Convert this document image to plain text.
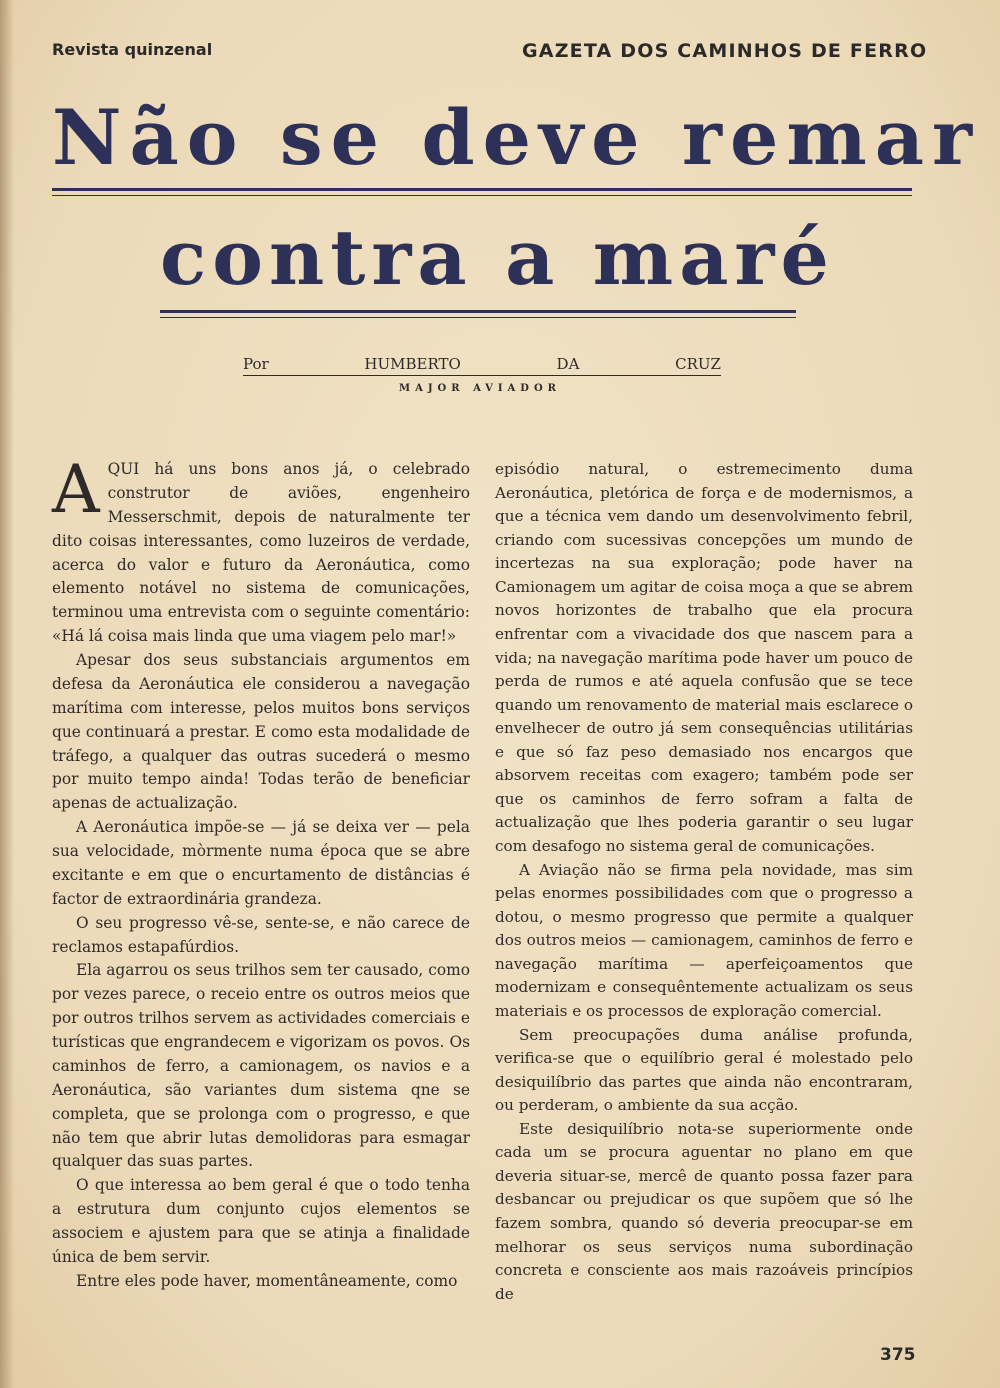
Revista quinzenal	GAZETA DOS CAMINHOS DE FERRO
Não se deve remar
contra a maré
Por	HUMBERTO	DA	CRUZ
MAJOR AVIADOR

AQUI há uns bons anos já, o celebrado construtor de aviões, engenheiro Messerschmit, depois de naturalmente ter dito coisas interessantes, como luzeiros de verdade, acerca do valor e futuro da Aeronáutica, como elemento notável no sistema de comunicações, terminou uma entrevista com o seguinte comentário: «Há lá coisa mais linda que uma viagem pelo mar!»

Apesar dos seus substanciais argumentos em defesa da Aeronáutica ele considerou a navegação marítima com interesse, pelos muitos bons serviços que continuará a prestar. E como esta modalidade de tráfego, a qualquer das outras sucederá o mesmo por muito tempo ainda! Todas terão de beneficiar apenas de actualização.

A Aeronáutica impõe-se — já se deixa ver — pela sua velocidade, mòrmente numa época que se abre excitante e em que o encurtamento de distâncias é factor de extraordinária grandeza.

O seu progresso vê-se, sente-se, e não carece de reclamos estapafúrdios.

Ela agarrou os seus trilhos sem ter causado, como por vezes parece, o receio entre os outros meios que por outros trilhos servem as actividades comerciais e turísticas que engrandecem e vigorizam os povos. Os caminhos de ferro, a camionagem, os navios e a Aeronáutica, são variantes dum sistema qne se completa, que se prolonga com o progresso, e que não tem que abrir lutas demolidoras para esmagar qualquer das suas partes.

O que interessa ao bem geral é que o todo tenha a estrutura dum conjunto cujos elementos se associem e ajustem para que se atinja a finalidade única de bem servir.

Entre eles pode haver, momentâneamente, como

episódio natural, o estremecimento duma Aeronáutica, pletórica de força e de modernismos, a que a técnica vem dando um desenvolvimento febril, criando com sucessivas concepções um mundo de incertezas na sua exploração; pode haver na Camionagem um agitar de coisa moça a que se abrem novos horizontes de trabalho que ela procura enfrentar com a vivacidade dos que nascem para a vida; na navegação marítima pode haver um pouco de perda de rumos e até aquela confusão que se tece quando um renovamento de material mais esclarece o envelhecer de outro já sem consequências utilitárias e que só faz peso demasiado nos encargos que absorvem receitas com exagero; também pode ser que os caminhos de ferro sofram a falta de actualização que lhes poderia garantir o seu lugar com desafogo no sistema geral de comunicações.

A Aviação não se firma pela novidade, mas sim pelas enormes possibilidades com que o progresso a dotou, o mesmo progresso que permite a qualquer dos outros meios — camionagem, caminhos de ferro e navegação marítima — aperfeiçoamentos que modernizam e consequêntemente actualizam os seus materiais e os processos de exploração comercial.

Sem preocupações duma análise profunda, verifica-se que o equilíbrio geral é molestado pelo desiquilíbrio das partes que ainda não encontraram, ou perderam, o ambiente da sua acção.

Este desiquilíbrio nota-se superiormente onde cada um se procura aguentar no plano em que deveria situar-se, mercê de quanto possa fazer para desbancar ou prejudicar os que supõem que só lhe fazem sombra, quando só deveria preocupar-se em melhorar os seus serviços numa subordinação concreta e consciente aos mais razoáveis princípios de

375
